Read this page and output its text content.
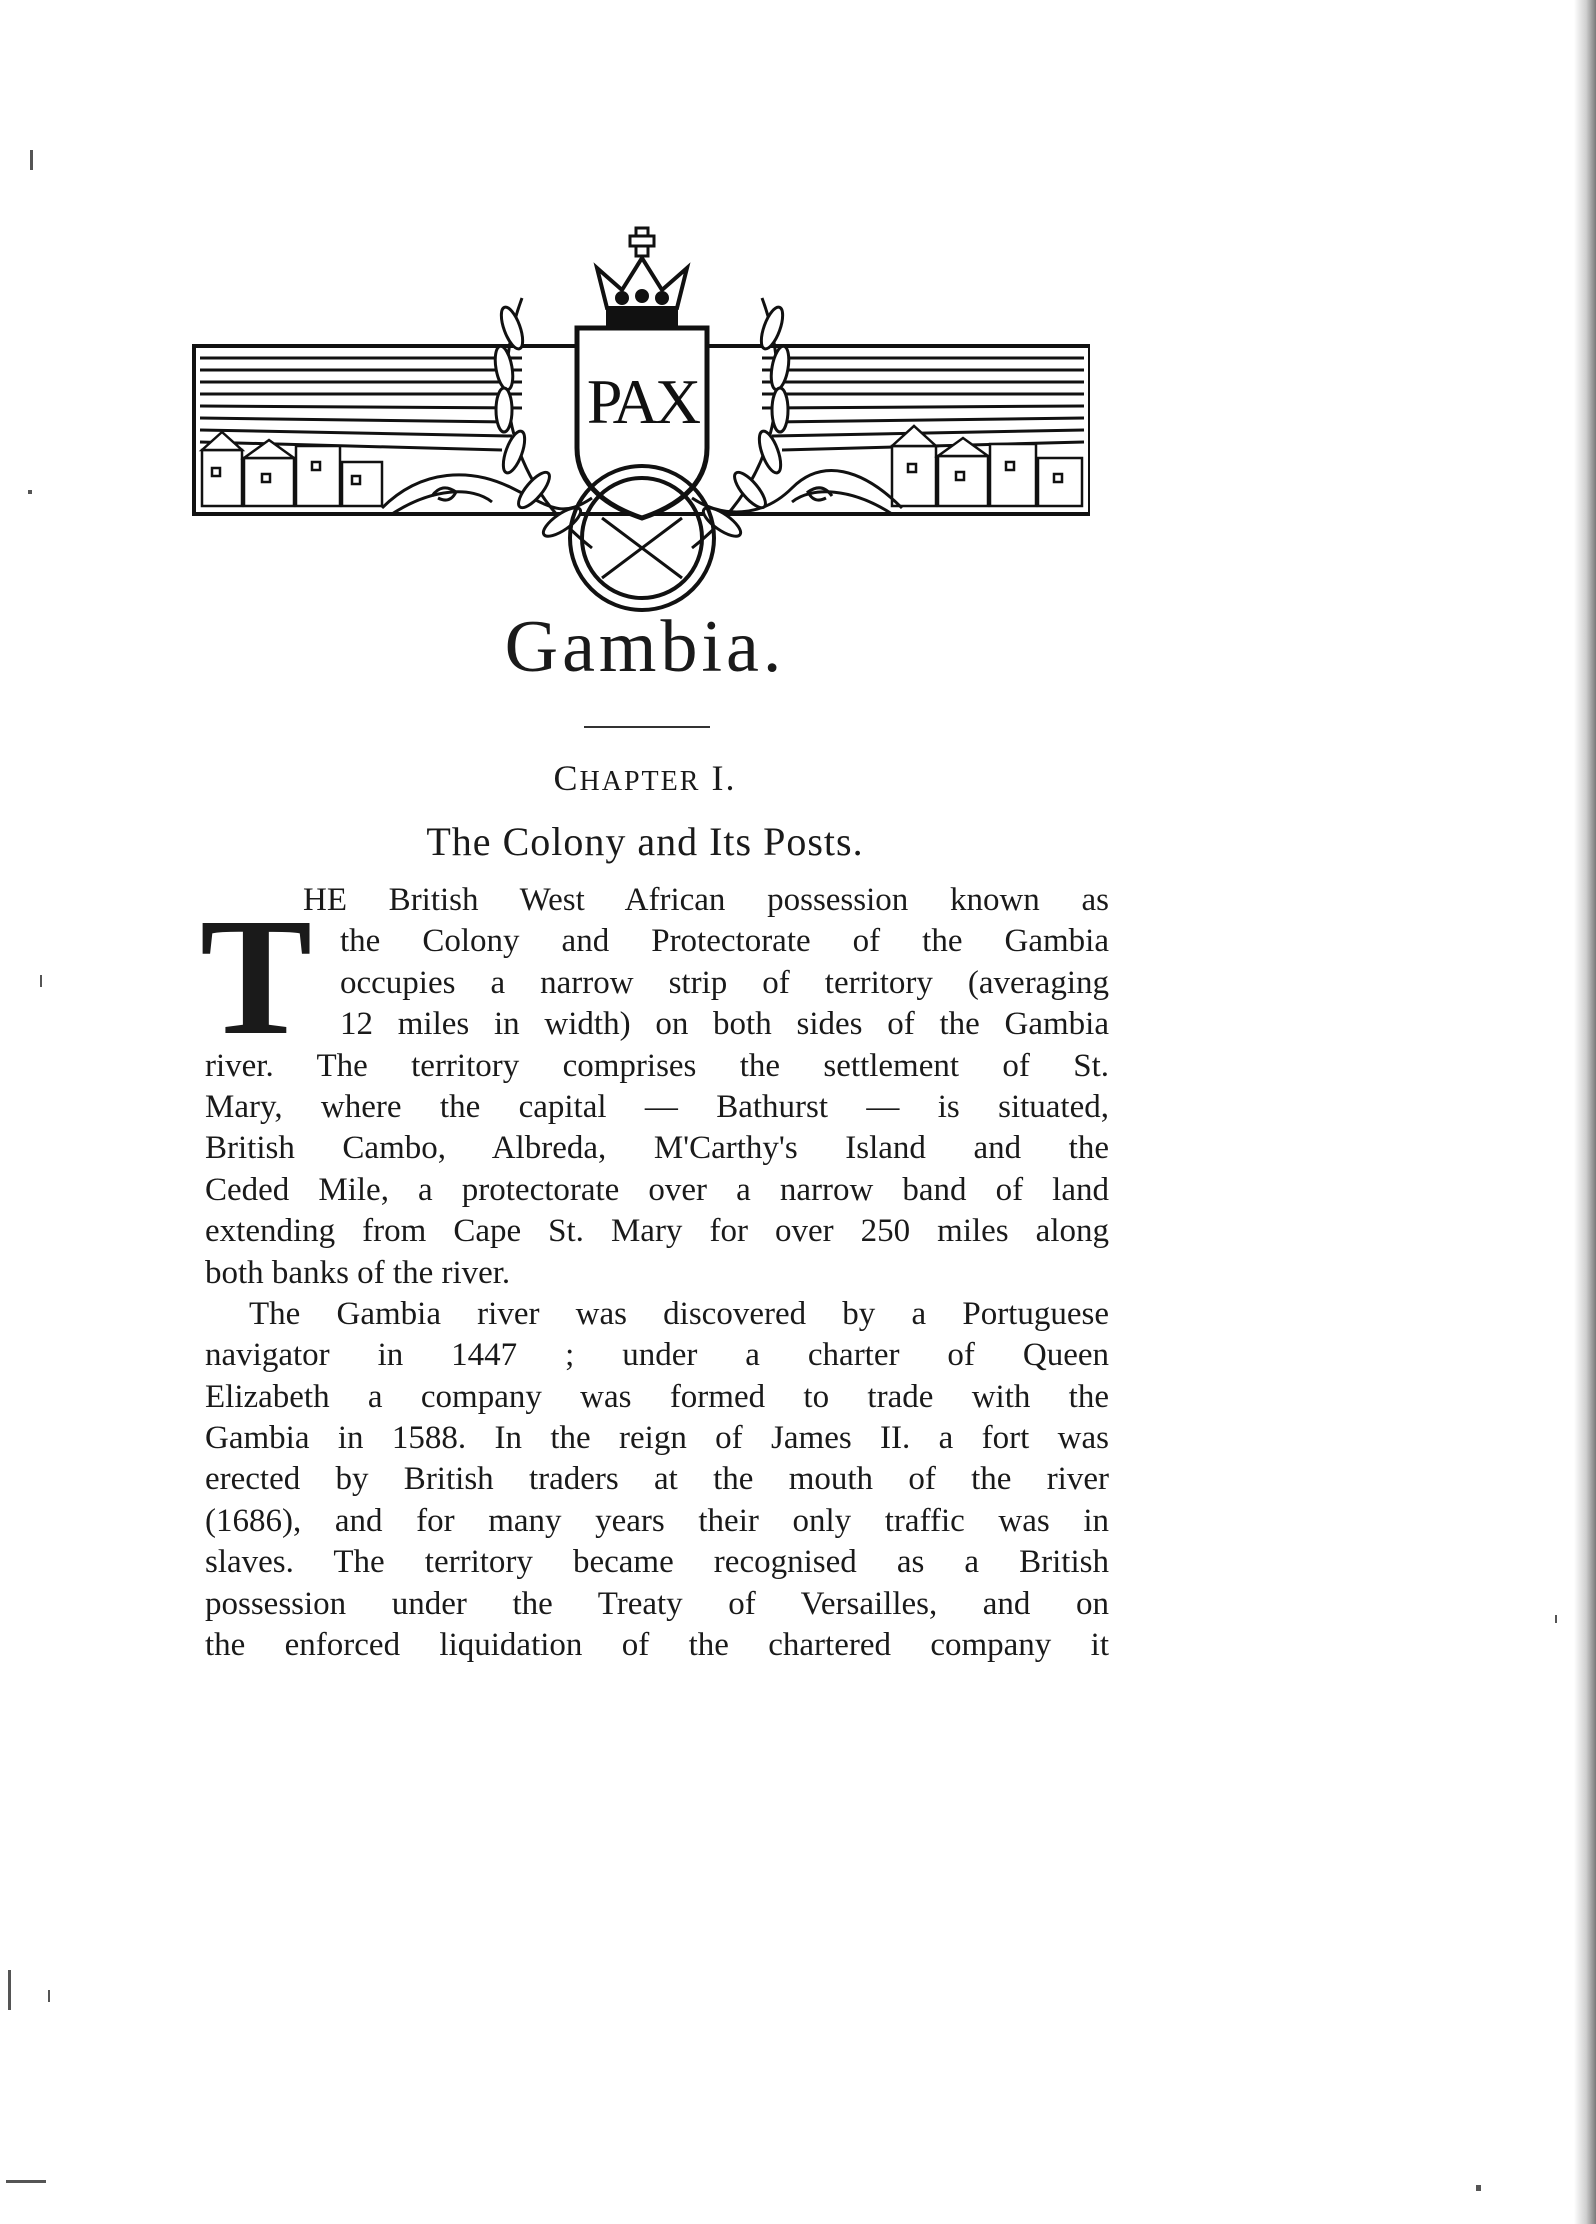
PAX
Gambia.
CHAPTER I.
The Colony and Its Posts.
T

HE British West African possession known as
the Colony and Protectorate of the Gambia
occupies a narrow strip of territory (averaging
12 miles in width) on both sides of the Gambia
river. The territory comprises the settlement of St.
Mary, where the capital — Bathurst — is situated,
British Cambo, Albreda, M'Carthy's Island and the
Ceded Mile, a protectorate over a narrow band of land
extending from Cape St. Mary for over 250 miles along
both banks of the river.

The Gambia river was discovered by a Portuguese
navigator in 1447 ; under a charter of Queen
Elizabeth a company was formed to trade with the
Gambia in 1588. In the reign of James II. a fort was
erected by British traders at the mouth of the river
(1686), and for many years their only traffic was in
slaves. The territory became recognised as a British
possession under the Treaty of Versailles, and on
the enforced liquidation of the chartered company it
